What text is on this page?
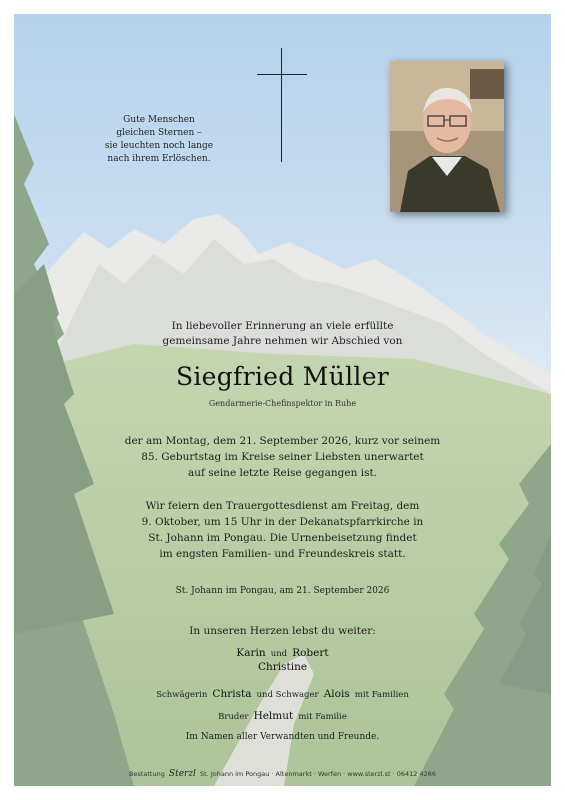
Gute Menschen
gleichen Sternen –
sie leuchten noch lange
nach ihrem Erlöschen.
In liebevoller Erinnerung an viele erfüllte
gemeinsame Jahre nehmen wir Abschied von
Siegfried Müller
Gendarmerie-Chefinspektor in Ruhe
der am Montag, dem 21. September 2026, kurz vor seinem
85. Geburtstag im Kreise seiner Liebsten unerwartet
auf seine letzte Reise gegangen ist.
Wir feiern den Trauergottesdienst am Freitag, dem
9. Oktober, um 15 Uhr in der Dekanatspfarrkirche in
St. Johann im Pongau. Die Urnenbeisetzung findet
im engsten Familien- und Freundeskreis statt.
St. Johann im Pongau, am 21. September 2026
In unseren Herzen lebst du weiter:
Karin und Robert
Christine
Schwägerin Christa und Schwager Alois mit Familien
Bruder Helmut mit Familie
Im Namen aller Verwandten und Freunde.
Bestattung Sterzl St. Johann im Pongau · Altenmarkt · Werfen · www.sterzl.st · 06412 4266
